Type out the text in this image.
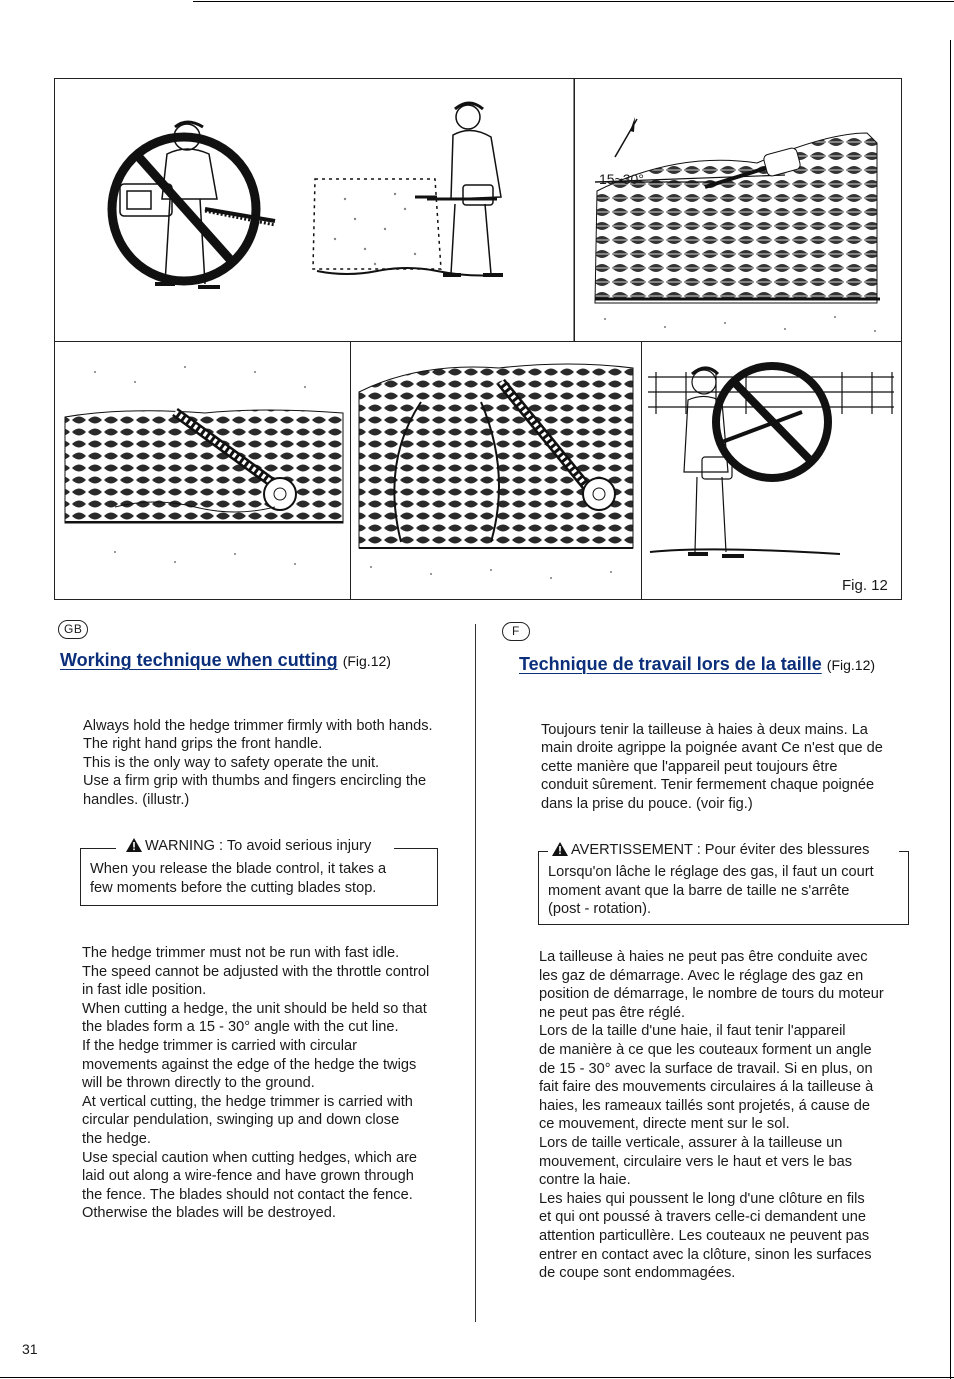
15~30°
Fig. 12
GB
Working technique when cutting (Fig.12)

Always hold the hedge trimmer firmly with both hands.

The right hand grips the front handle.

This is the only way to safety operate the unit.

Use a firm grip with thumbs and fingers encircling the

handles. (illustr.)

WARNING : To avoid serious injury
When you release the blade control, it takes a
few moments before the cutting blades stop.

The hedge trimmer must not be run with fast idle.

The speed cannot be adjusted with the throttle control

in fast idle position.

When cutting a hedge, the unit should be held so that

the blades form a 15 - 30° angle with the cut line.

If the hedge trimmer is carried with circular

movements against the edge of the hedge the twigs

will be thrown directly to the ground.

At vertical cutting, the hedge trimmer is carried with

circular pendulation, swinging up and down close

the hedge.

Use special caution when cutting hedges, which are

laid out along a wire-fence and have grown through

the fence. The blades should not contact the fence.

Otherwise the blades will be destroyed.

F
Technique de travail lors de la taille (Fig.12)

Toujours tenir la tailleuse à haies à deux mains. La

main droite agrippe la poignée avant Ce n'est que de

cette manière que l'appareil peut toujours être

conduit sûrement. Tenir fermement chaque poignée

dans la prise du pouce. (voir fig.)

AVERTISSEMENT : Pour éviter des blessures
Lorsqu'on lâche le réglage des gas, il faut un court
moment avant que la barre de taille ne s'arrête
(post - rotation).

La tailleuse à haies ne peut pas être conduite avec

les gaz de démarrage. Avec le réglage des gaz en

position de démarrage, le nombre de tours du moteur

ne peut pas être réglé.

Lors de la taille d'une haie, il faut tenir l'appareil

de manière à ce que les couteaux forment un angle

de 15 - 30° avec la surface de travail. Si en plus, on

fait faire des mouvements circulaires á la tailleuse à

haies, les rameaux taillés sont projetés, á cause de

ce mouvement, directe ment sur le sol.

Lors de taille verticale, assurer à la tailleuse un

mouvement, circulaire vers le haut et vers le bas

contre la haie.

Les haies qui poussent le long d'une clôture en fils

et qui ont poussé à travers celle-ci demandent une

attention particullère. Les couteaux ne peuvent pas

entrer en contact avec la clôture, sinon les surfaces

de coupe sont endommagées.

31
